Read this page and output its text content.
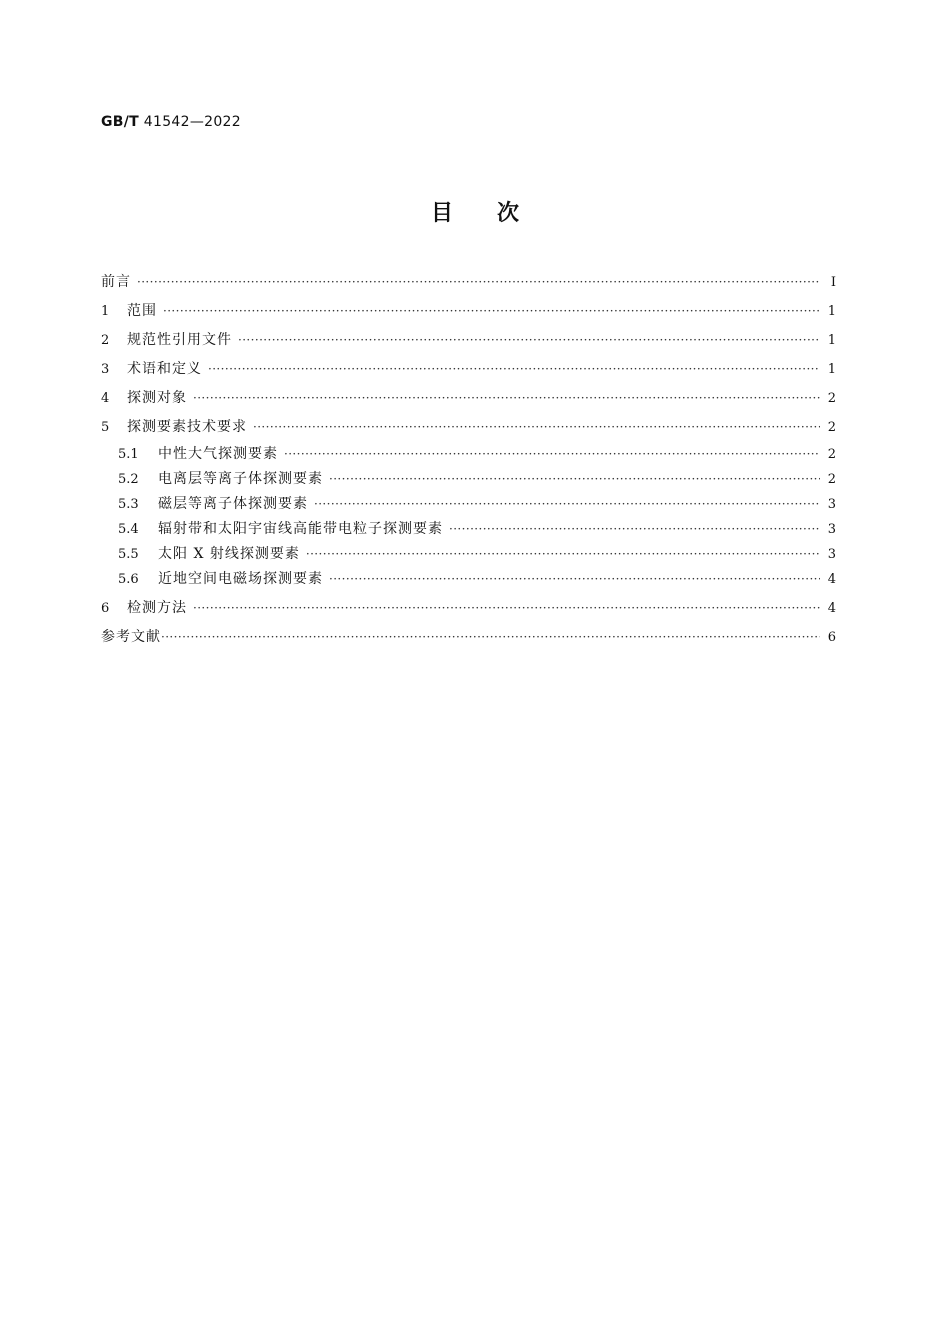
GB/T 41542—2022
目次
前言 ·····	Ⅰ
1	范围 ·····	1
2	规范性引用文件 ·····	1
3	术语和定义 ·····	1
4	探测对象 ·····	2
5	探测要素技术要求 ·····	2
5.1	中性大气探测要素 ·····	2
5.2	电离层等离子体探测要素 ·····	2
5.3	磁层等离子体探测要素 ·····	3
5.4	辐射带和太阳宇宙线高能带电粒子探测要素 ·····	3
5.5	太阳 X 射线探测要素 ·····	3
5.6	近地空间电磁场探测要素 ·····	4
6	检测方法 ·····	4
参考文献 ·····	6
